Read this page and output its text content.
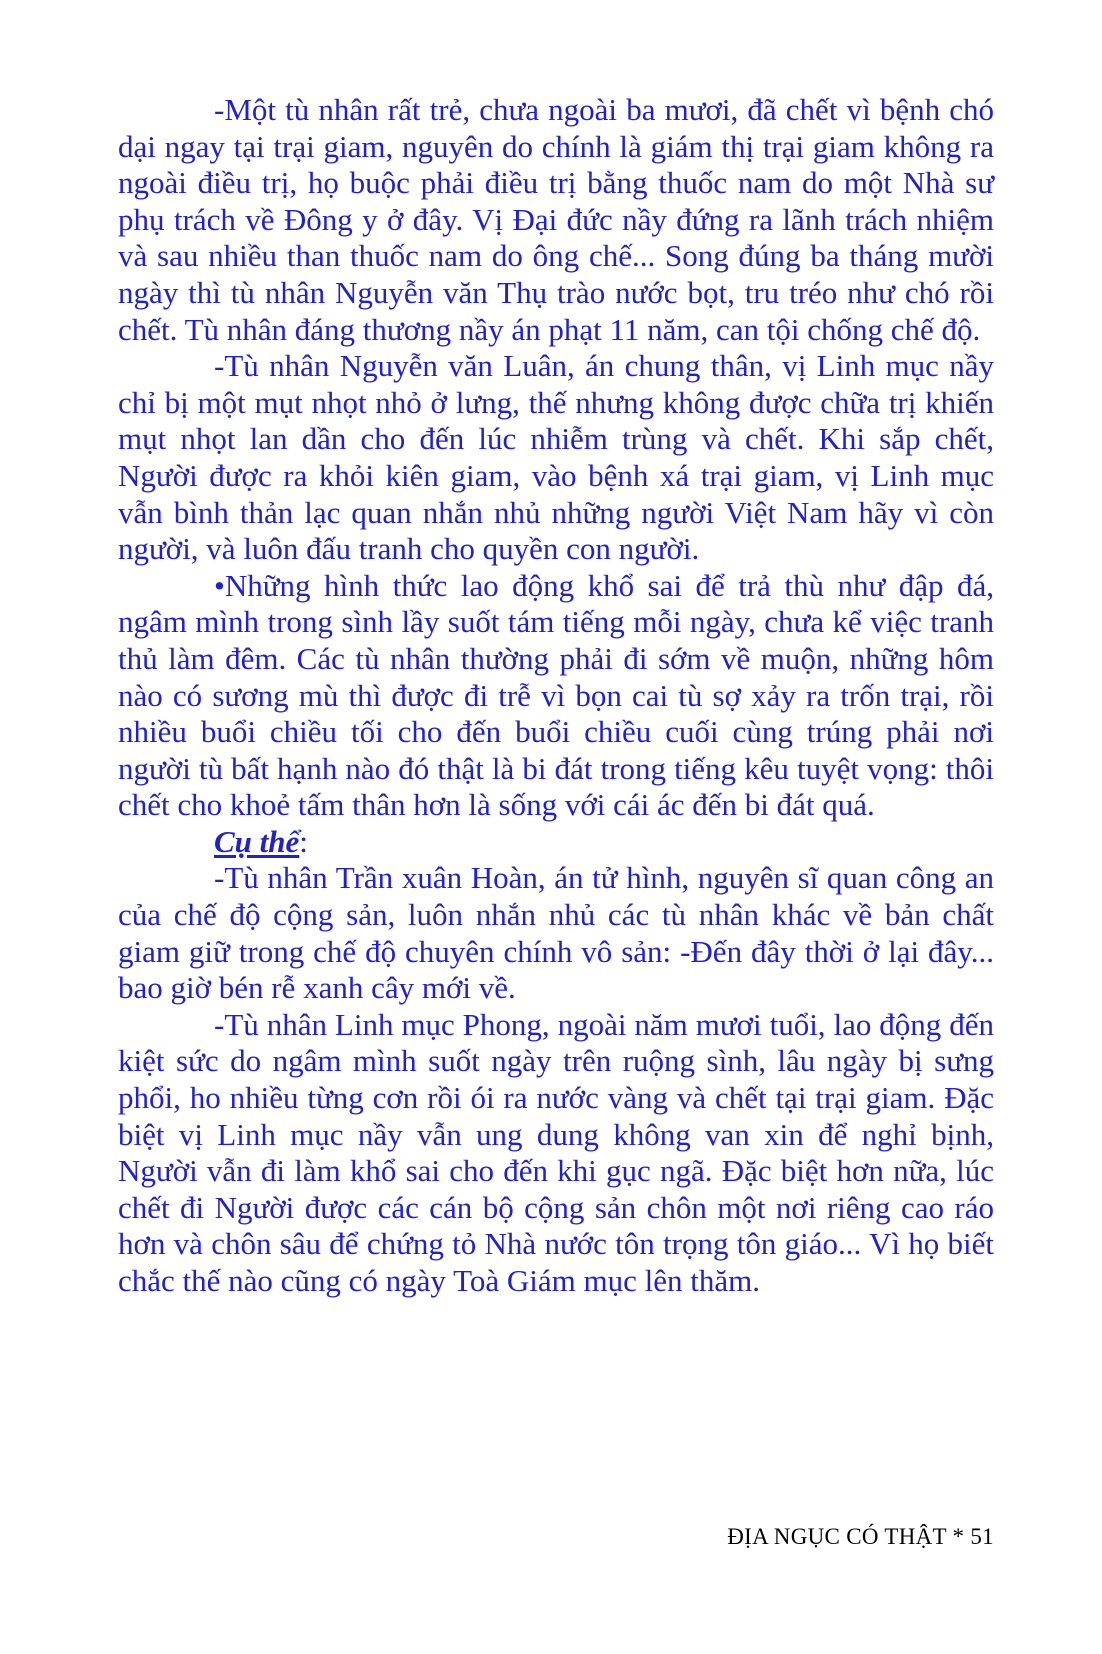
-Một tù nhân rất trẻ, chưa ngoài ba mươi, đã chết vì bệnh chó dại ngay tại trại giam, nguyên do chính là giám thị trại giam không ra ngoài điều trị, họ buộc phải điều trị bằng thuốc nam do một Nhà sư phụ trách về Đông y ở đây. Vị Đại đức nầy đứng ra lãnh trách nhiệm và sau nhiều than thuốc nam do ông chế... Song đúng ba tháng mười ngày thì tù nhân Nguyễn văn Thụ trào nước bọt, tru tréo như chó rồi chết. Tù nhân đáng thương nầy án phạt 11 năm, can tội chống chế độ.

-Tù nhân Nguyễn văn Luân, án chung thân, vị Linh mục nầy chỉ bị một mụt nhọt nhỏ ở lưng, thế nhưng không được chữa trị khiến mụt nhọt lan dần cho đến lúc nhiễm trùng và chết. Khi sắp chết, Người được ra khỏi kiên giam, vào bệnh xá trại giam, vị Linh mục vẫn bình thản lạc quan nhắn nhủ những người Việt Nam hãy vì còn người, và luôn đấu tranh cho quyền con người.

•Những hình thức lao động khổ sai để trả thù như đập đá, ngâm mình trong sình lầy suốt tám tiếng mỗi ngày, chưa kể việc tranh thủ làm đêm. Các tù nhân thường phải đi sớm về muộn, những hôm nào có sương mù thì được đi trễ vì bọn cai tù sợ xảy ra trốn trại, rồi nhiều buổi chiều tối cho đến buổi chiều cuối cùng trúng phải nơi người tù bất hạnh nào đó thật là bi đát trong tiếng kêu tuyệt vọng: thôi chết cho khoẻ tấm thân hơn là sống với cái ác đến bi đát quá.

Cụ thể:

-Tù nhân Trần xuân Hoàn, án tử hình, nguyên sĩ quan công an của chế độ cộng sản, luôn nhắn nhủ các tù nhân khác về bản chất giam giữ trong chế độ chuyên chính vô sản: -Đến đây thời ở lại đây... bao giờ bén rễ xanh cây mới về.

-Tù nhân Linh mục Phong, ngoài năm mươi tuổi, lao động đến kiệt sức do ngâm mình suốt ngày trên ruộng sình, lâu ngày bị sưng phổi, ho nhiều từng cơn rồi ói ra nước vàng và chết tại trại giam. Đặc biệt vị Linh mục nầy vẫn ung dung không van xin để nghỉ bịnh, Người vẫn đi làm khổ sai cho đến khi gục ngã. Đặc biệt hơn nữa, lúc chết đi Người được các cán bộ cộng sản chôn một nơi riêng cao ráo hơn và chôn sâu để chứng tỏ Nhà nước tôn trọng tôn giáo... Vì họ biết chắc thế nào cũng có ngày Toà Giám mục lên thăm.

ĐỊA NGỤC CÓ THẬT * 51
